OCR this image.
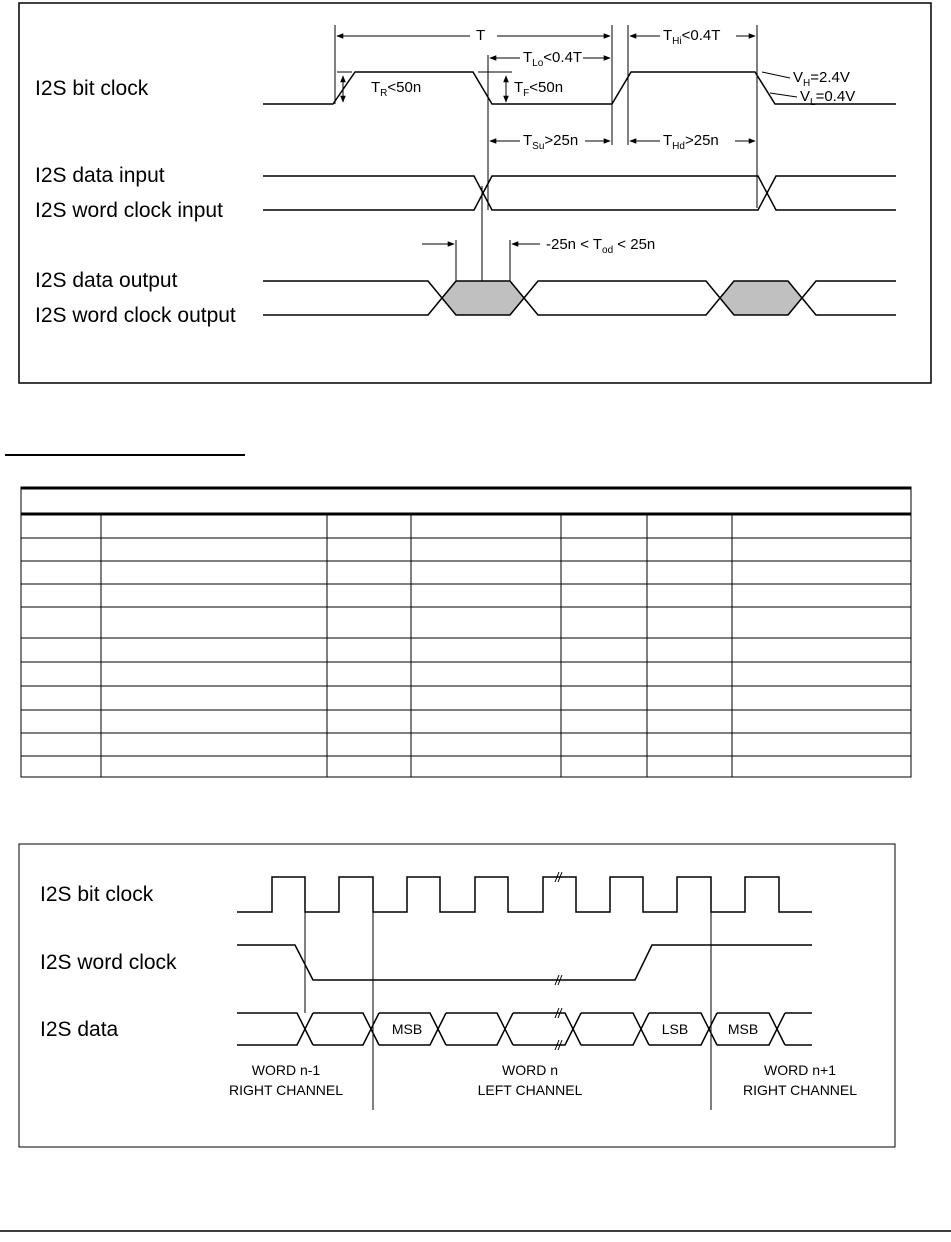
I2S bit clock
I2S data input
I2S word clock input
I2S data output
I2S word clock output
$V_H=2.4V$
$V_L=0.4V$
T
$T_{Lo}<0.4T$
$T_{Hi}<0.4T$
$T_R<50n$	$T_F<50n$
$T_{Su}>25n$	$T_{Hd}>25n$
$-25n < T_{od} < 25n$
I2S bit clock
I2S word clock
I2S data	MSB	LSB	MSB
WORD n-1
RIGHT CHANNEL
WORD n
LEFT CHANNEL
WORD n+1
RIGHT CHANNEL
